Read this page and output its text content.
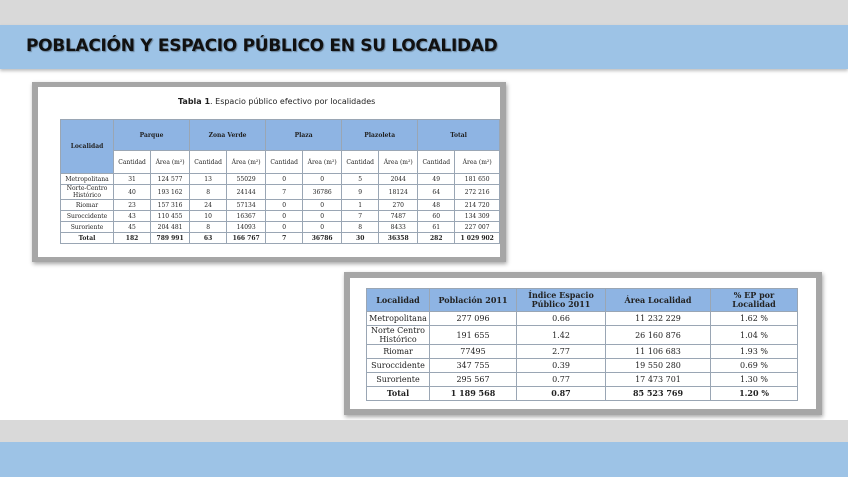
POBLACIÓN Y ESPACIO PÚBLICO EN SU LOCALIDAD
Tabla 1. Espacio público efectivo por localidades
Localidad	Parque		Zona Verde		Plaza		Plazoleta		Total	
	Cantidad	Área (m²)	Cantidad	Área (m²)	Cantidad	Área (m²)	Cantidad	Área (m²)	Cantidad	Área (m²)
Metropolitana	31	124 577	13	55029	0	0	5	2044	49	181 650
Norte-Centro Histórico	40	193 162	8	24144	7	36786	9	18124	64	272 216
Riomar	23	157 316	24	57134	0	0	1	270	48	214 720
Suroccidente	43	110 455	10	16367	0	0	7	7487	60	134 309
Suroriente	45	204 481	8	14093	0	0	8	8433	61	227 007
Total	182	789 991	63	166 767	7	36786	30	36358	282	1 029 902
Localidad	Población 2011	Índice Espacio Público 2011	Área Localidad	% EP por Localidad
Metropolitana	277 096	0.66	11 232 229	1.62 %
Norte Centro Histórico	191 655	1.42	26 160 876	1.04 %
Riomar	77495	2.77	11 106 683	1.93 %
Suroccidente	347 755	0.39	19 550 280	0.69 %
Suroriente	295 567	0.77	17 473 701	1.30 %
Total	1 189 568	0.87	85 523 769	1.20 %
